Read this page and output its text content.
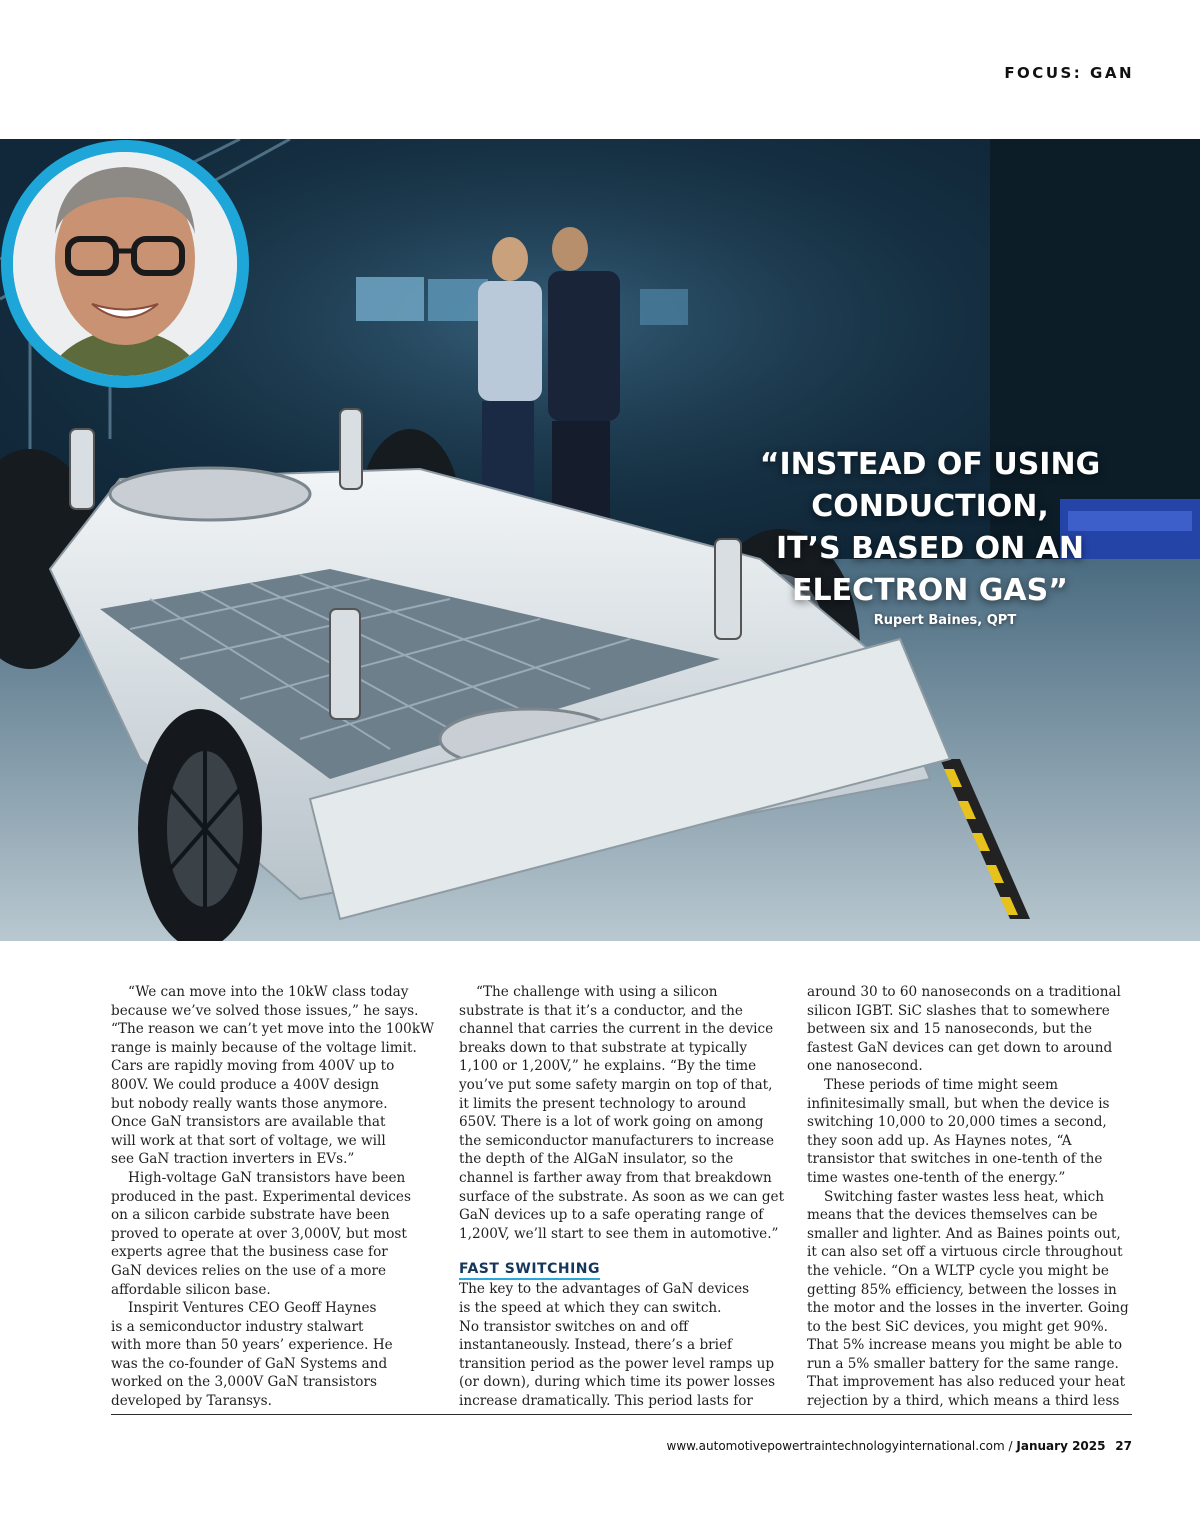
FOCUS: GAN
“INSTEAD OF USING
CONDUCTION,
IT’S BASED ON AN
ELECTRON GAS”
Rupert Baines, QPT

“We can move into the 10kW class today
because we’ve solved those issues,” he says.
“The reason we can’t yet move into the 100kW
range is mainly because of the voltage limit.
Cars are rapidly moving from 400V up to
800V. We could produce a 400V design
but nobody really wants those anymore.
Once GaN transistors are available that
will work at that sort of voltage, we will
see GaN traction inverters in EVs.”

High-voltage GaN transistors have been
produced in the past. Experimental devices
on a silicon carbide substrate have been
proved to operate at over 3,000V, but most
experts agree that the business case for
GaN devices relies on the use of a more
affordable silicon base.

Inspirit Ventures CEO Geoff Haynes
is a semiconductor industry stalwart
with more than 50 years’ experience. He
was the co-founder of GaN Systems and
worked on the 3,000V GaN transistors
developed by Taransys.

“The challenge with using a silicon
substrate is that it’s a conductor, and the
channel that carries the current in the device
breaks down to that substrate at typically
1,100 or 1,200V,” he explains. “By the time
you’ve put some safety margin on top of that,
it limits the present technology to around
650V. There is a lot of work going on among
the semiconductor manufacturers to increase
the depth of the AlGaN insulator, so the
channel is farther away from that breakdown
surface of the substrate. As soon as we can get
GaN devices up to a safe operating range of
1,200V, we’ll start to see them in automotive.”

FAST SWITCHING

The key to the advantages of GaN devices
is the speed at which they can switch.
No transistor switches on and off
instantaneously. Instead, there’s a brief
transition period as the power level ramps up
(or down), during which time its power losses
increase dramatically. This period lasts for

around 30 to 60 nanoseconds on a traditional
silicon IGBT. SiC slashes that to somewhere
between six and 15 nanoseconds, but the
fastest GaN devices can get down to around
one nanosecond.

These periods of time might seem
infinitesimally small, but when the device is
switching 10,000 to 20,000 times a second,
they soon add up. As Haynes notes, “A
transistor that switches in one-tenth of the
time wastes one-tenth of the energy.”

Switching faster wastes less heat, which
means that the devices themselves can be
smaller and lighter. And as Baines points out,
it can also set off a virtuous circle throughout
the vehicle. “On a WLTP cycle you might be
getting 85% efficiency, between the losses in
the motor and the losses in the inverter. Going
to the best SiC devices, you might get 90%.
That 5% increase means you might be able to
run a 5% smaller battery for the same range.
That improvement has also reduced your heat
rejection by a third, which means a third less

www.automotivepowertraintechnologyinternational.com / January 2025 27
